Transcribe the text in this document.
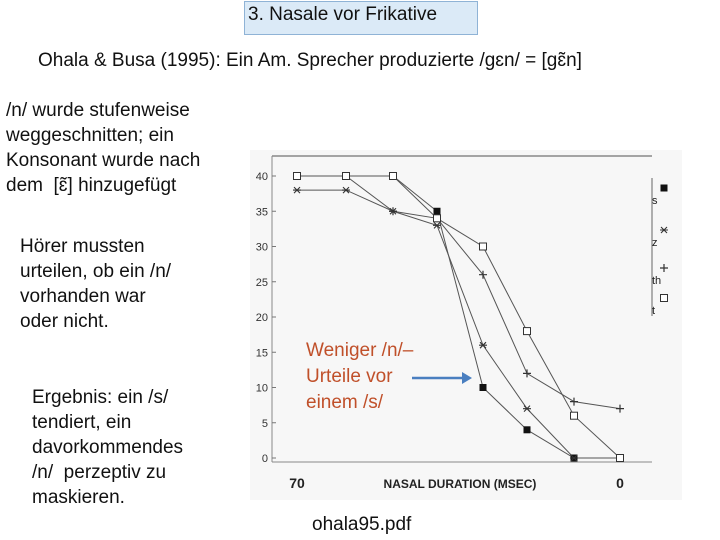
3. Nasale vor Frikative
Ohala & Busa (1995): Ein Am. Sprecher produzierte /gɛn/ = [gɛ̃n]
/n/ wurde stufenweise
weggeschnitten; ein
Konsonant wurde nach
dem  [ɛ̃] hinzugefügt
Hörer mussten
urteilen, ob ein /n/
vorhanden war
oder nicht.
Ergebnis: ein /s/
tendiert, ein
davorkommendes
/n/  perzeptiv zu
maskieren.
0
5
10
15
20
25
30
35
40
70	0
NASAL DURATION (MSEC)
s
z
th
t
Weniger /n/–
Urteile vor
einem /s/
ohala95.pdf
